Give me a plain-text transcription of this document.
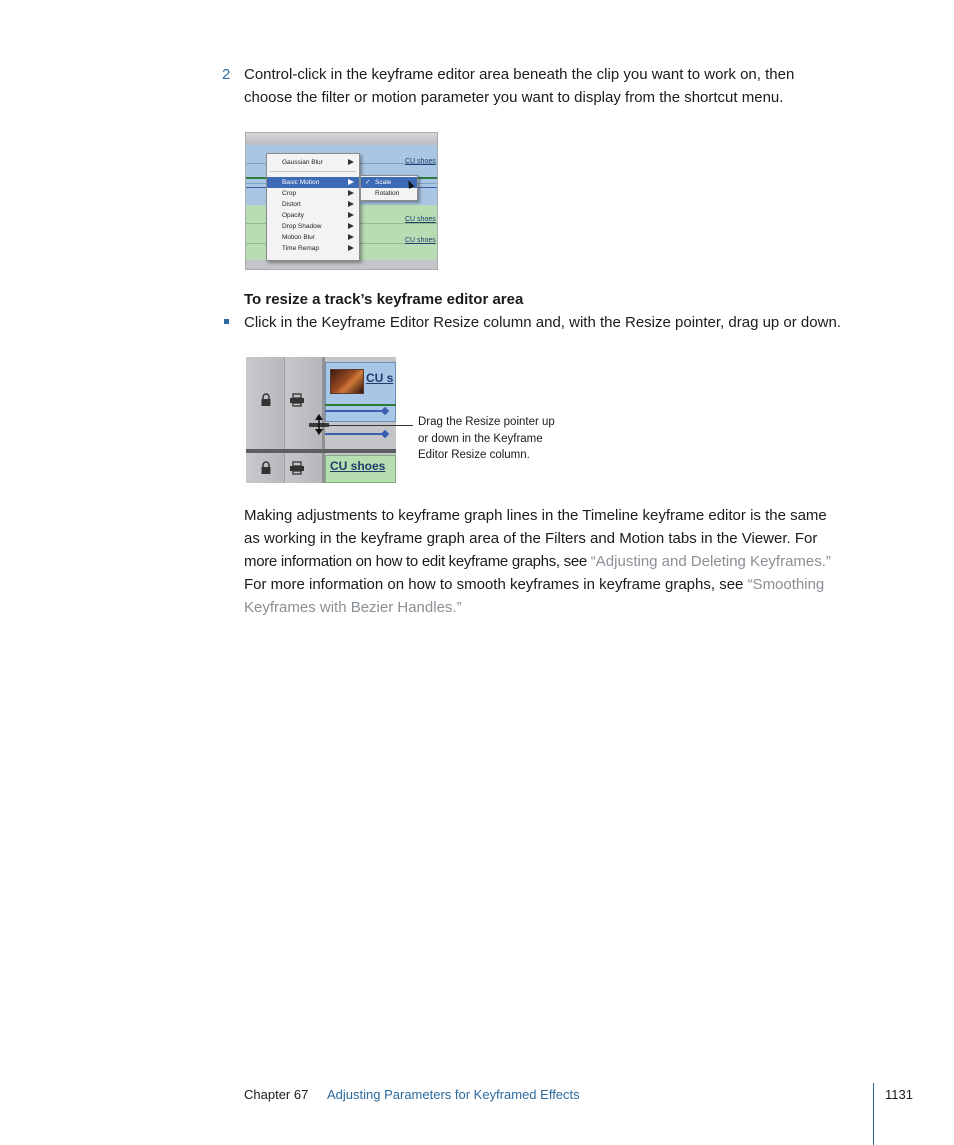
2 Control-click in the keyframe editor area beneath the clip you want to work on, then
choose the filter or motion parameter you want to display from the shortcut menu.
CU shoes
CU shoes
CU shoes
Gaussian Blur
Basic Motion
Crop
Distort
Opacity
Drop Shadow
Motion Blur
Time Remap
✓ Scale
Rotation
To resize a track’s keyframe editor area
Click in the Keyframe Editor Resize column and, with the Resize pointer, drag up or down.
CU s
CU shoes
Drag the Resize pointer up
or down in the Keyframe
Editor Resize column.
Making adjustments to keyframe graph lines in the Timeline keyframe editor is the same
as working in the keyframe graph area of the Filters and Motion tabs in the Viewer. For
more information on how to edit keyframe graphs, see “Adjusting and Deleting Keyframes.”
For more information on how to smooth keyframes in keyframe graphs, see “Smoothing
Keyframes with Bezier Handles.”
Chapter 67 Adjusting Parameters for Keyframed Effects	1131
